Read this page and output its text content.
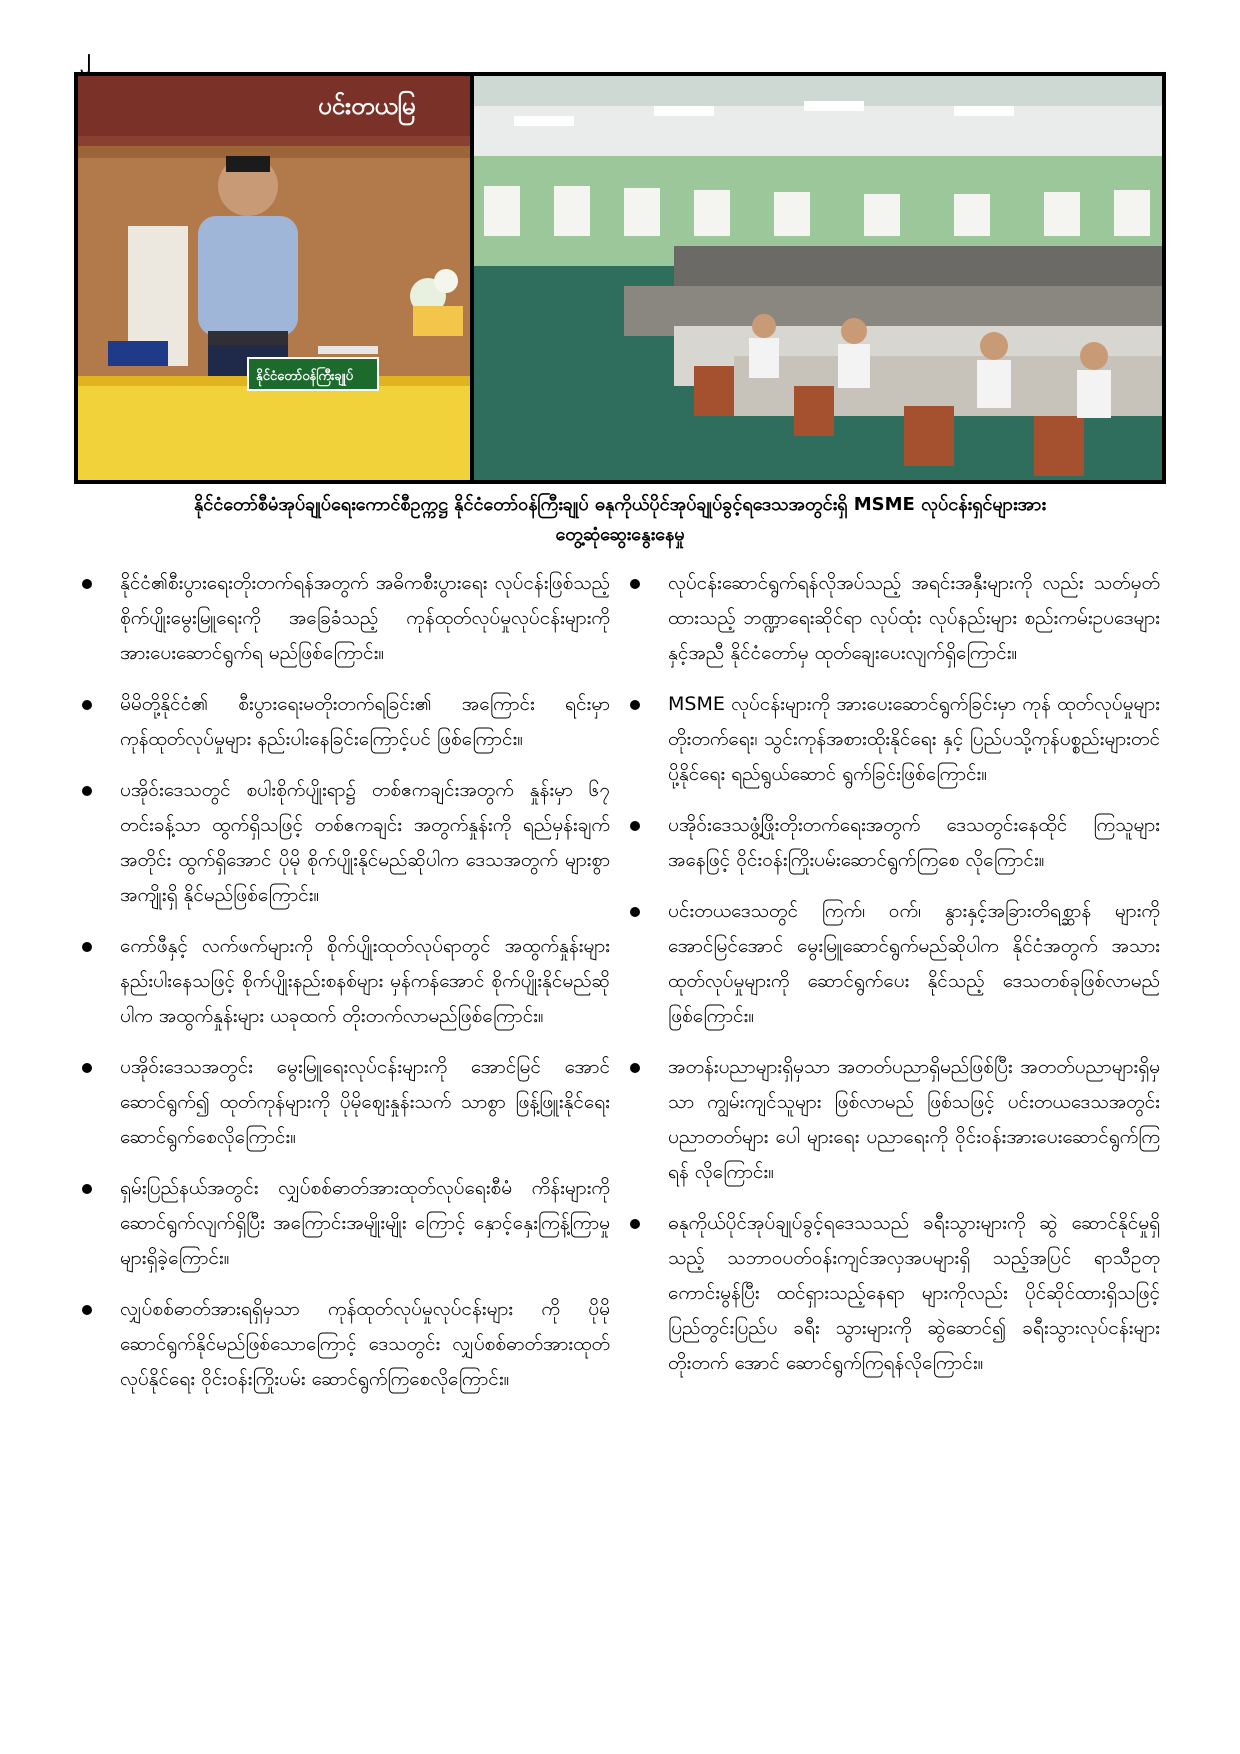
၂
ပင်းတယမြ
နိုင်ငံတော်ဝန်ကြီးချုပ်
နိုင်ငံတော်စီမံအုပ်ချုပ်ရေးကောင်စီဥက္ကဋ္ဌ နိုင်ငံတော်ဝန်ကြီးချုပ် ဓနုကိုယ်ပိုင်အုပ်ချုပ်ခွင့်ရဒေသအတွင်းရှိ MSME လုပ်ငန်းရှင်များအား
တွေ့ဆုံဆွေးနွေးနေမှု
နိုင်ငံ၏စီးပွားရေးတိုးတက်ရန်အတွက် အဓိကစီးပွားရေး လုပ်ငန်းဖြစ်သည့် စိုက်ပျိုးမွေးမြူရေးကို အခြေခံသည့် ကုန်ထုတ်လုပ်မှုလုပ်ငန်းများကို အားပေးဆောင်ရွက်ရ မည်ဖြစ်ကြောင်း။
မိမိတို့နိုင်ငံ၏ စီးပွားရေးမတိုးတက်ရခြင်း၏ အကြောင်း ရင်းမှာ ကုန်ထုတ်လုပ်မှုများ နည်းပါးနေခြင်းကြောင့်ပင် ဖြစ်ကြောင်း။
ပအိုဝ်းဒေသတွင် စပါးစိုက်ပျိုးရာ၌ တစ်ဧကချင်းအတွက် နှုန်းမှာ ၆၇ တင်းခန့်သာ ထွက်ရှိသဖြင့် တစ်ဧကချင်း အတွက်နှုန်းကို ရည်မှန်းချက်အတိုင်း ထွက်ရှိအောင် ပိုမို စိုက်ပျိုးနိုင်မည်ဆိုပါက ဒေသအတွက် များစွာအကျိုးရှိ နိုင်မည်ဖြစ်ကြောင်း။
ကော်ဖီနှင့် လက်ဖက်များကို စိုက်ပျိုးထုတ်လုပ်ရာတွင် အထွက်နှုန်းများ နည်းပါးနေသဖြင့် စိုက်ပျိုးနည်းစနစ်များ မှန်ကန်အောင် စိုက်ပျိုးနိုင်မည်ဆိုပါက အထွက်နှုန်းများ ယခုထက် တိုးတက်လာမည်ဖြစ်ကြောင်း။
ပအိုဝ်းဒေသအတွင်း မွေးမြူရေးလုပ်ငန်းများကို အောင်မြင် အောင်ဆောင်ရွက်၍ ထုတ်ကုန်များကို ပိုမိုဈေးနှုန်းသက် သာစွာ ဖြန့်ဖြူးနိုင်ရေး ဆောင်ရွက်စေလိုကြောင်း။
ရှမ်းပြည်နယ်အတွင်း လျှပ်စစ်ဓာတ်အားထုတ်လုပ်ရေးစီမံ ကိန်းများကို ဆောင်ရွက်လျက်ရှိပြီး အကြောင်းအမျိုးမျိုး ကြောင့် နှောင့်နှေးကြန့်ကြာမှုများရှိခဲ့ကြောင်း။
လျှပ်စစ်ဓာတ်အားရရှိမှသာ ကုန်ထုတ်လုပ်မှုလုပ်ငန်းများ ကို ပိုမိုဆောင်ရွက်နိုင်မည်ဖြစ်သောကြောင့် ဒေသတွင်း လျှပ်စစ်ဓာတ်အားထုတ်လုပ်နိုင်ရေး ဝိုင်းဝန်းကြိုးပမ်း ဆောင်ရွက်ကြစေလိုကြောင်း။
လုပ်ငန်းဆောင်ရွက်ရန်လိုအပ်သည့် အရင်းအနှီးများကို လည်း သတ်မှတ်ထားသည့် ဘဏ္ဍာရေးဆိုင်ရာ လုပ်ထုံး လုပ်နည်းများ စည်းကမ်းဥပဒေများနှင့်အညီ နိုင်ငံတော်မှ ထုတ်ချေးပေးလျက်ရှိကြောင်း။
MSME လုပ်ငန်းများကို အားပေးဆောင်ရွက်ခြင်းမှာ ကုန် ထုတ်လုပ်မှုများ တိုးတက်ရေး၊ သွင်းကုန်အစားထိုးနိုင်ရေး နှင့် ပြည်ပသို့ကုန်ပစ္စည်းများတင်ပို့နိုင်ရေး ရည်ရွယ်ဆောင် ရွက်ခြင်းဖြစ်ကြောင်း။
ပအိုဝ်းဒေသဖွံ့ဖြိုးတိုးတက်ရေးအတွက် ဒေသတွင်းနေထိုင် ကြသူများအနေဖြင့် ဝိုင်းဝန်းကြိုးပမ်းဆောင်ရွက်ကြစေ လိုကြောင်း။
ပင်းတယဒေသတွင် ကြက်၊ ဝက်၊ နွားနှင့်အခြားတိရစ္ဆာန် များကို အောင်မြင်အောင် မွေးမြူဆောင်ရွက်မည်ဆိုပါက နိုင်ငံအတွက် အသားထုတ်လုပ်မှုများကို ဆောင်ရွက်ပေး နိုင်သည့် ဒေသတစ်ခုဖြစ်လာမည်ဖြစ်ကြောင်း။
အတန်းပညာများရှိမှသာ အတတ်ပညာရှိမည်ဖြစ်ပြီး အတတ်ပညာများရှိမှသာ ကျွမ်းကျင်သူများ ဖြစ်လာမည် ဖြစ်သဖြင့် ပင်းတယဒေသအတွင်း ပညာတတ်များ ပေါ များရေး ပညာရေးကို ဝိုင်းဝန်းအားပေးဆောင်ရွက်ကြရန် လိုကြောင်း။
ဓနုကိုယ်ပိုင်အုပ်ချုပ်ခွင့်ရဒေသသည် ခရီးသွားများကို ဆွဲ ဆောင်နိုင်မှုရှိသည့် သဘာဝပတ်ဝန်းကျင်အလှအပများရှိ သည့်အပြင် ရာသီဥတုကောင်းမွန်ပြီး ထင်ရှားသည့်နေရာ များကိုလည်း ပိုင်ဆိုင်ထားရှိသဖြင့် ပြည်တွင်းပြည်ပ ခရီး သွားများကို ဆွဲဆောင်၍ ခရီးသွားလုပ်ငန်းများတိုးတက် အောင် ဆောင်ရွက်ကြရန်လိုကြောင်း။
